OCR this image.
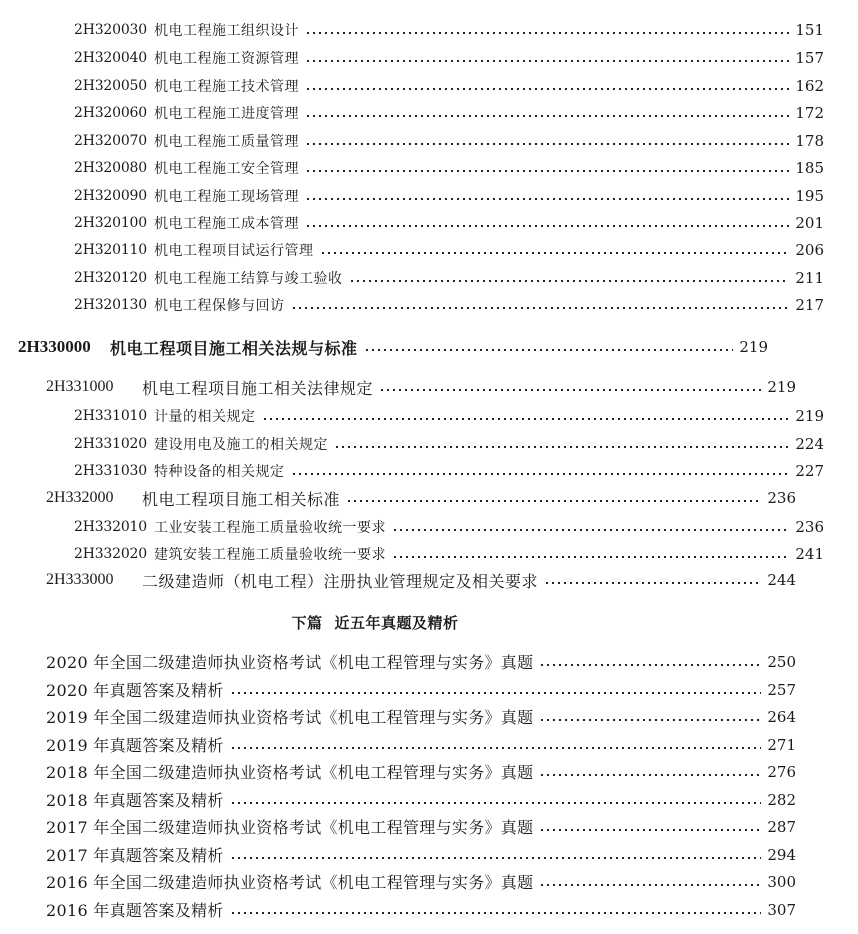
2H320030 机电工程施工组织设计	151
2H320040 机电工程施工资源管理	157
2H320050 机电工程施工技术管理	162
2H320060 机电工程施工进度管理	172
2H320070 机电工程施工质量管理	178
2H320080 机电工程施工安全管理	185
2H320090 机电工程施工现场管理	195
2H320100 机电工程施工成本管理	201
2H320110 机电工程项目试运行管理	206
2H320120 机电工程施工结算与竣工验收	211
2H320130 机电工程保修与回访	217
2H330000	机电工程项目施工相关法规与标准	219
2H331000	机电工程项目施工相关法律规定	219
2H331010 计量的相关规定	219
2H331020 建设用电及施工的相关规定	224
2H331030 特种设备的相关规定	227
2H332000	机电工程项目施工相关标准	236
2H332010 工业安装工程施工质量验收统一要求	236
2H332020 建筑安装工程施工质量验收统一要求	241
2H333000	二级建造师（机电工程）注册执业管理规定及相关要求	244
下篇 近五年真题及精析
2020 年全国二级建造师执业资格考试《机电工程管理与实务》真题	250
2020 年真题答案及精析	257
2019 年全国二级建造师执业资格考试《机电工程管理与实务》真题	264
2019 年真题答案及精析	271
2018 年全国二级建造师执业资格考试《机电工程管理与实务》真题	276
2018 年真题答案及精析	282
2017 年全国二级建造师执业资格考试《机电工程管理与实务》真题	287
2017 年真题答案及精析	294
2016 年全国二级建造师执业资格考试《机电工程管理与实务》真题	300
2016 年真题答案及精析	307
